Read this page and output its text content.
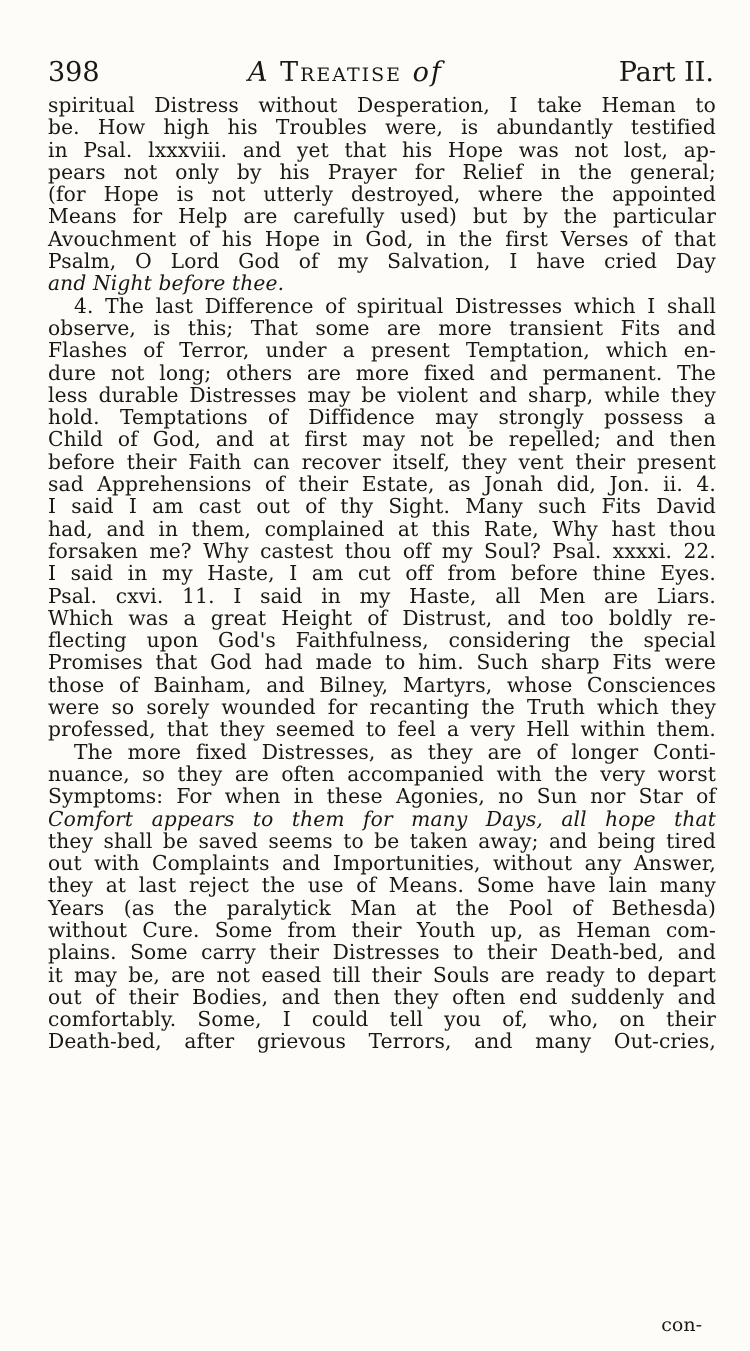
398	A Treatise of	Part II.
spiritual Distress without Desperation, I take Heman to
be. How high his Troubles were, is abundantly testified
in Psal. lxxxviii. and yet that his Hope was not lost, ap-
pears not only by his Prayer for Relief in the general;
(for Hope is not utterly destroyed, where the appointed
Means for Help are carefully used) but by the particular
Avouchment of his Hope in God, in the first Verses of that
Psalm, O Lord God of my Salvation, I have cried Day
and Night before thee.
4. The last Difference of spiritual Distresses which I shall
observe, is this; That some are more transient Fits and
Flashes of Terror, under a present Temptation, which en-
dure not long; others are more fixed and permanent. The
less durable Distresses may be violent and sharp, while they
hold. Temptations of Diffidence may strongly possess a
Child of God, and at first may not be repelled; and then
before their Faith can recover itself, they vent their present
sad Apprehensions of their Estate, as Jonah did, Jon. ii. 4.
I said I am cast out of thy Sight. Many such Fits David
had, and in them, complained at this Rate, Why hast thou
forsaken me? Why castest thou off my Soul? Psal. xxxxi. 22.
I said in my Haste, I am cut off from before thine Eyes.
Psal. cxvi. 11. I said in my Haste, all Men are Liars.
Which was a great Height of Distrust, and too boldly re-
flecting upon God's Faithfulness, considering the special
Promises that God had made to him. Such sharp Fits were
those of Bainham, and Bilney, Martyrs, whose Consciences
were so sorely wounded for recanting the Truth which they
professed, that they seemed to feel a very Hell within them.
The more fixed Distresses, as they are of longer Conti-
nuance, so they are often accompanied with the very worst
Symptoms: For when in these Agonies, no Sun nor Star of
Comfort appears to them for many Days, all hope that
they shall be saved seems to be taken away; and being tired
out with Complaints and Importunities, without any Answer,
they at last reject the use of Means. Some have lain many
Years (as the paralytick Man at the Pool of Bethesda)
without Cure. Some from their Youth up, as Heman com-
plains. Some carry their Distresses to their Death-bed, and
it may be, are not eased till their Souls are ready to depart
out of their Bodies, and then they often end suddenly and
comfortably. Some, I could tell you of, who, on their
Death-bed, after grievous Terrors, and many Out-cries,
con-
